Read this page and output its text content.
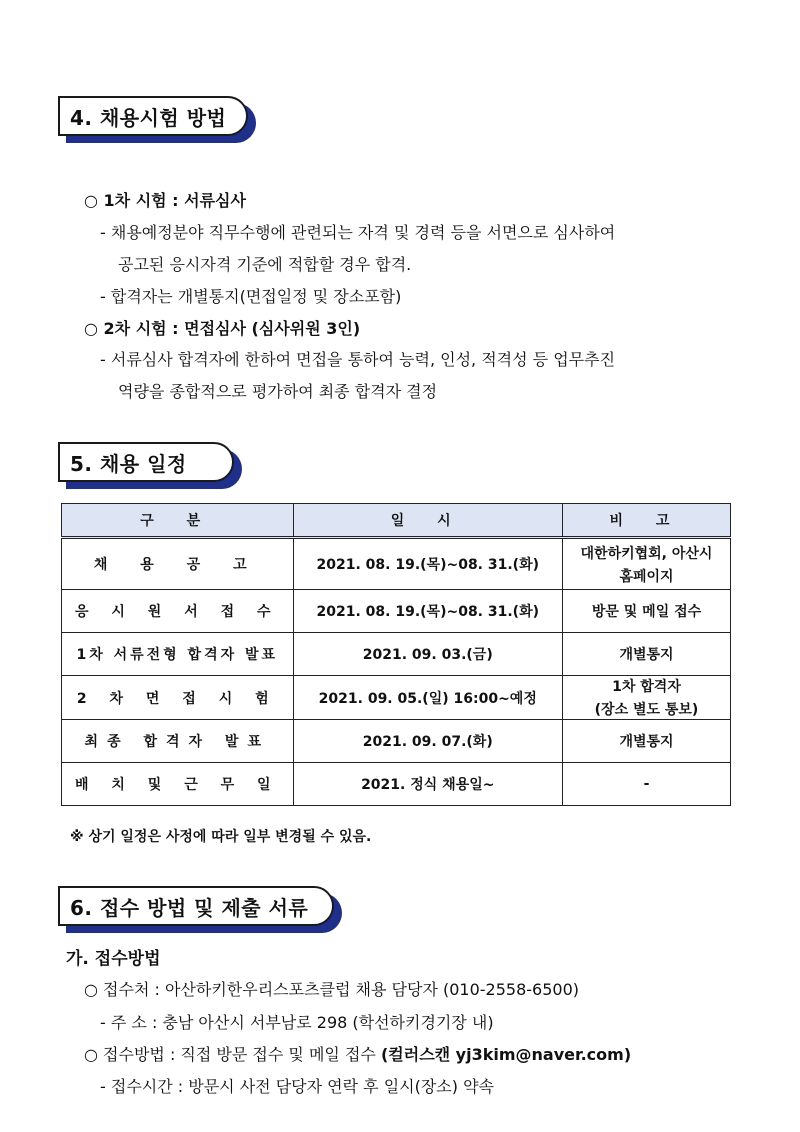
4. 채용시험 방법
○ 1차 시험 : 서류심사
- 채용예정분야 직무수행에 관련되는 자격 및 경력 등을 서면으로 심사하여
공고된 응시자격 기준에 적합할 경우 합격.
- 합격자는 개별통지(면접일정 및 장소포함)
○ 2차 시험 : 면접심사 (심사위원 3인)
- 서류심사 합격자에 한하여 면접을 통하여 능력, 인성, 적격성 등 업무추진
역량을 종합적으로 평가하여 최종 합격자 결정
5. 채용 일정
구 분	일 시	비 고
채 용 공 고	2021. 08. 19.(목)~08. 31.(화)	대한하키협회, 아산시
홈페이지

응 시 원 서 접 수	2021. 08. 19.(목)~08. 31.(화)	방문 및 메일 접수
1차 서류전형 합격자 발표	2021. 09. 03.(금)	개별통지
2 차 면 접 시 험	2021. 09. 05.(일) 16:00~예정	1차 합격자
(장소 별도 통보)

최종 합격자 발표	2021. 09. 07.(화)	개별통지
배 치 및 근 무 일	2021. 정식 채용일~	-
※ 상기 일정은 사정에 따라 일부 변경될 수 있음.
6. 접수 방법 및 제출 서류
가. 접수방법
○ 접수처 : 아산하키한우리스포츠클럽 채용 담당자 (010-2558-6500)
- 주 소 : 충남 아산시 서부남로 298 (학선하키경기장 내)
○ 접수방법 : 직접 방문 접수 및 메일 접수 (컬러스캔 yj3kim@naver.com)
- 접수시간 : 방문시 사전 담당자 연락 후 일시(장소) 약속
